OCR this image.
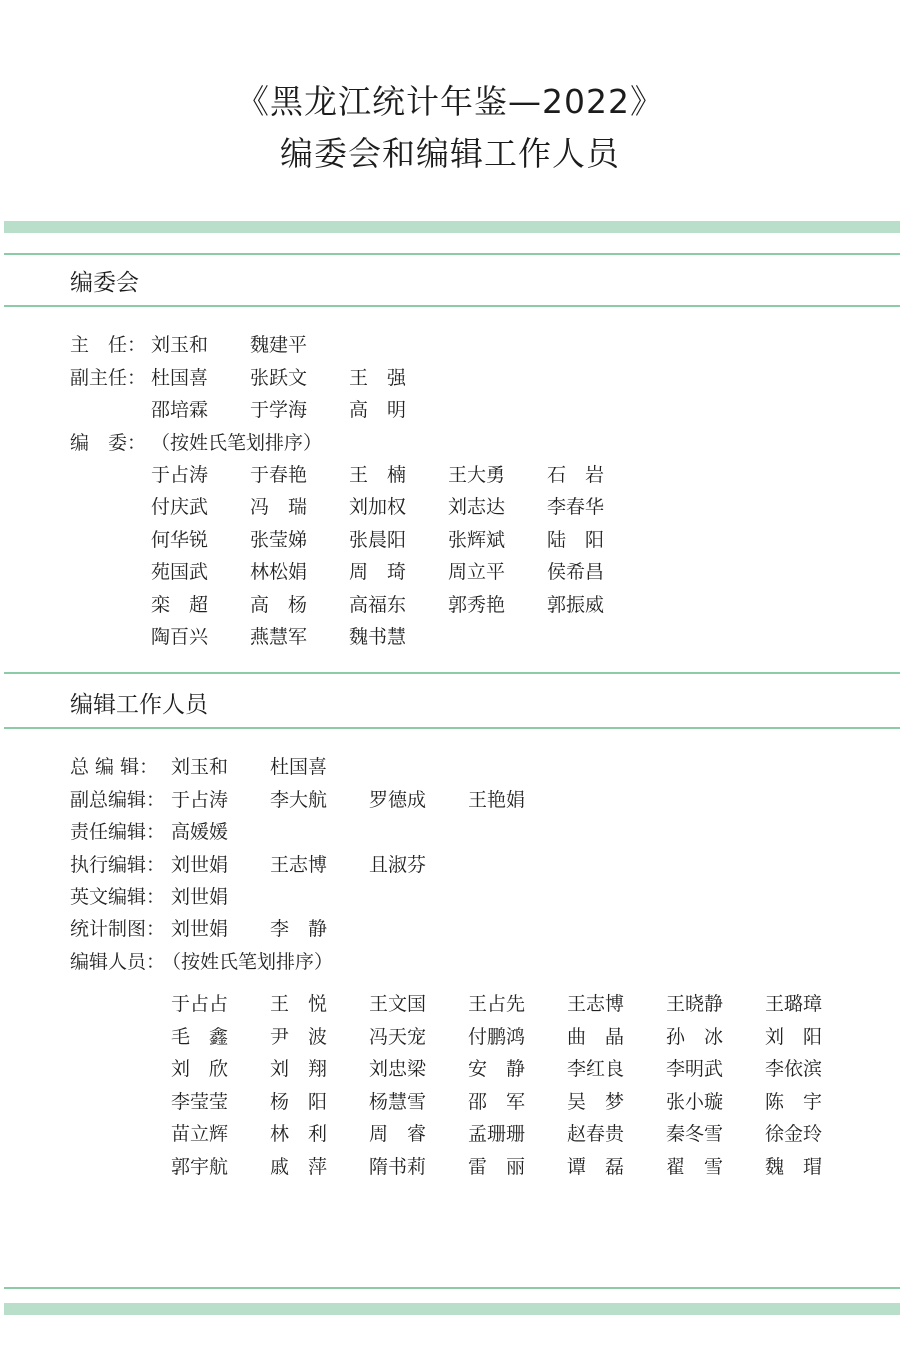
《黑龙江统计年鉴—2022》
编委会和编辑工作人员
编委会
主　任： 刘玉和 魏建平
副主任： 杜国喜 张跃文 王　强
邵培霖 于学海 高　明
编　委： （按姓氏笔划排序）
于占涛 于春艳 王　楠 王大勇 石　岩
付庆武 冯　瑞 刘加权 刘志达 李春华
何华锐 张莹娣 张晨阳 张辉斌 陆　阳
苑国武 林松娟 周　琦 周立平 侯希昌
栾　超 高　杨 高福东 郭秀艳 郭振威
陶百兴 燕慧军 魏书慧
编辑工作人员
总 编 辑： 刘玉和 杜国喜
副总编辑： 于占涛 李大航 罗德成 王艳娟
责任编辑： 高媛媛
执行编辑： 刘世娟 王志博 且淑芬
英文编辑： 刘世娟
统计制图： 刘世娟 李　静
编辑人员：
（按姓氏笔划排序）
于占占 王　悦 王文国 王占先 王志博 王晓静 王璐璋
毛　鑫 尹　波 冯天宠 付鹏鸿 曲　晶 孙　冰 刘　阳
刘　欣 刘　翔 刘忠梁 安　静 李红良 李明武 李依滨
李莹莹 杨　阳 杨慧雪 邵　军 吴　梦 张小璇 陈　宇
苗立辉 林　利 周　睿 孟珊珊 赵春贵 秦冬雪 徐金玲
郭宇航 戚　萍 隋书莉 雷　丽 谭　磊 翟　雪 魏　瑁
